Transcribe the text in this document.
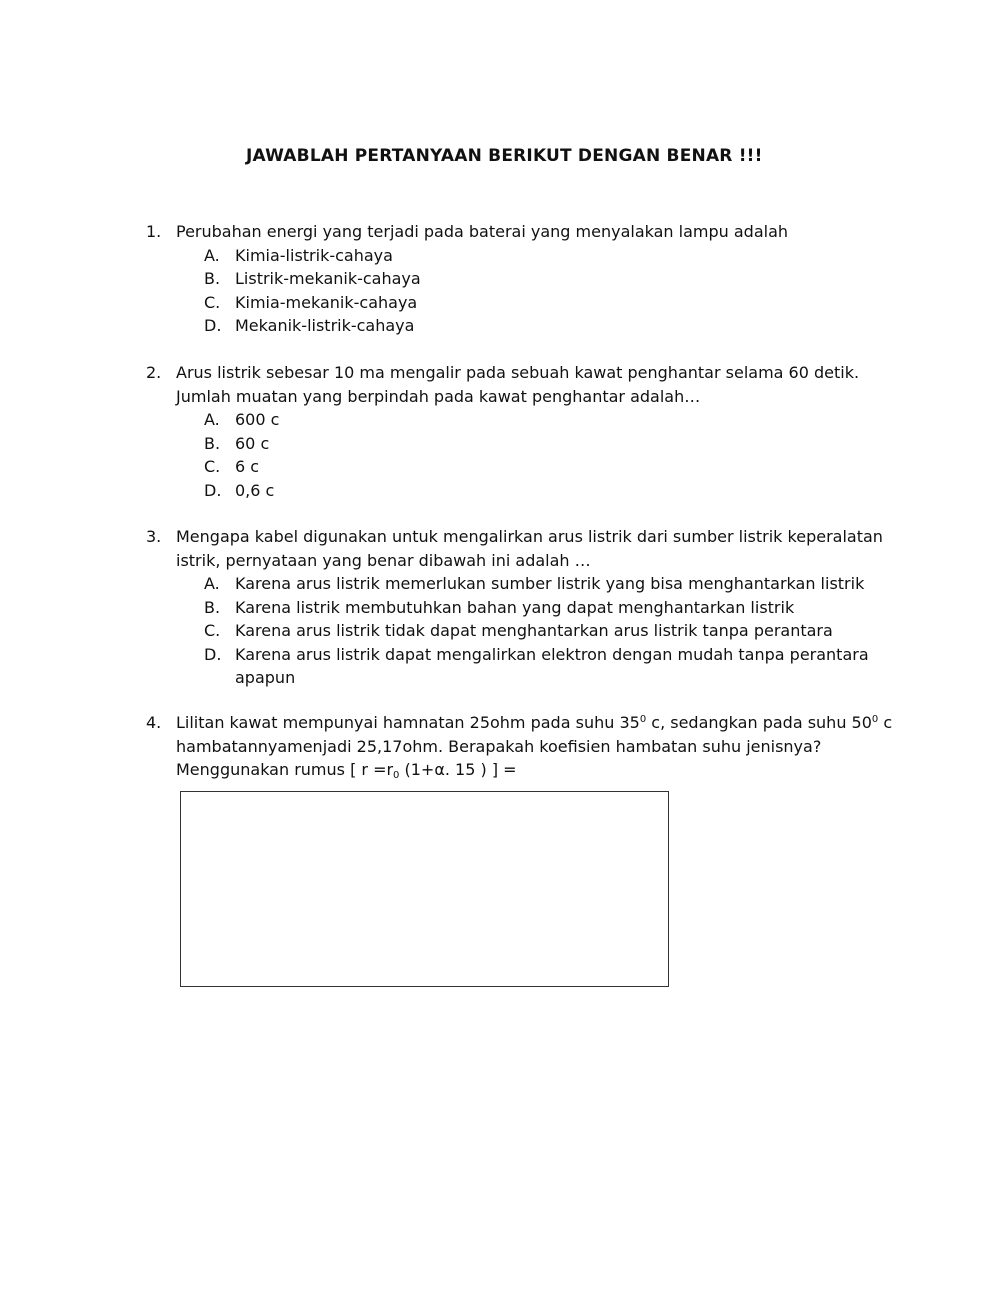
JAWABLAH PERTANYAAN BERIKUT DENGAN BENAR !!!
1. Perubahan energi yang terjadi pada baterai yang menyalakan lampu adalah
A. Kimia-listrik-cahaya
B. Listrik-mekanik-cahaya
C. Kimia-mekanik-cahaya
D. Mekanik-listrik-cahaya
2. Arus listrik sebesar 10 ma mengalir pada sebuah kawat penghantar selama 60 detik.
Jumlah muatan yang berpindah pada kawat penghantar adalah…
A. 600 c
B. 60 c
C. 6 c
D. 0,6 c
3. Mengapa kabel digunakan untuk mengalirkan arus listrik dari sumber listrik keperalatan
istrik, pernyataan yang benar dibawah ini adalah …
A. Karena arus listrik memerlukan sumber listrik yang bisa menghantarkan listrik
B. Karena listrik membutuhkan bahan yang dapat menghantarkan listrik
C. Karena arus listrik tidak dapat menghantarkan arus listrik tanpa perantara
D. Karena arus listrik dapat mengalirkan elektron dengan mudah tanpa perantara
apapun
4. Lilitan kawat mempunyai hamnatan 25ohm pada suhu $35^0$ c, sedangkan pada suhu $50^0$ c
hambatannyamenjadi 25,17ohm. Berapakah koefisien hambatan suhu jenisnya?
Menggunakan rumus [ $r =r_0$ (1+α. 15 ) ] =
